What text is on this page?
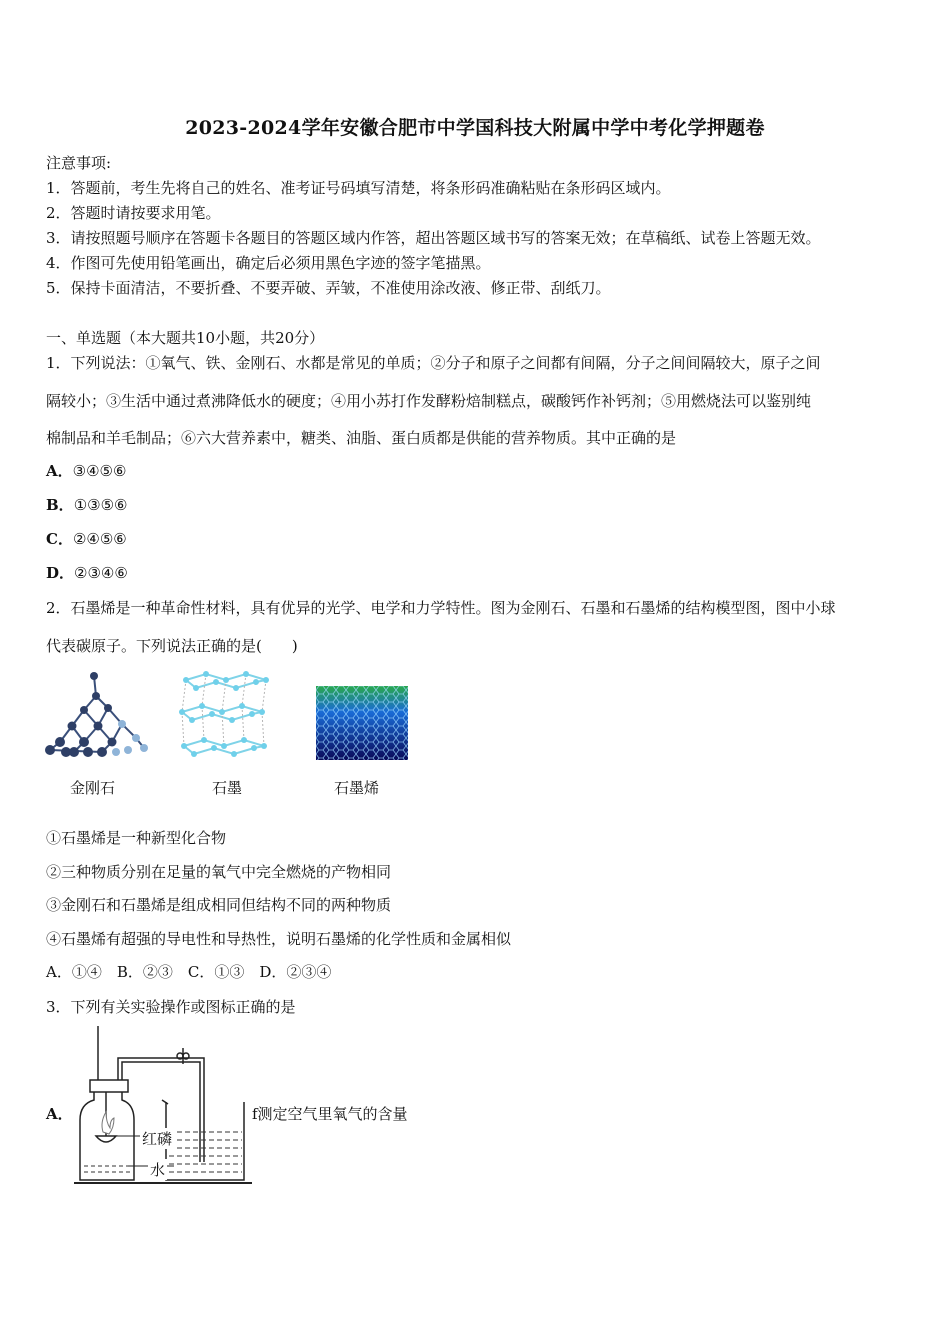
2023-2024学年安徽合肥市中学国科技大附属中学中考化学押题卷
注意事项:
1．答题前，考生先将自己的姓名、准考证号码填写清楚，将条形码准确粘贴在条形码区域内。
2．答题时请按要求用笔。
3．请按照题号顺序在答题卡各题目的答题区域内作答，超出答题区域书写的答案无效；在草稿纸、试卷上答题无效。
4．作图可先使用铅笔画出，确定后必须用黑色字迹的签字笔描黑。
5．保持卡面清洁，不要折叠、不要弄破、弄皱，不准使用涂改液、修正带、刮纸刀。
一、单选题（本大题共10小题，共20分）
1．下列说法：①氧气、铁、金刚石、水都是常见的单质；②分子和原子之间都有间隔，分子之间间隔较大，原子之间
隔较小；③生活中通过煮沸降低水的硬度；④用小苏打作发酵粉焙制糕点，碳酸钙作补钙剂；⑤用燃烧法可以鉴别纯
棉制品和羊毛制品；⑥六大营养素中，糖类、油脂、蛋白质都是供能的营养物质。其中正确的是
A．③④⑤⑥
B．①③⑤⑥
C．②④⑤⑥
D．②③④⑥
2．石墨烯是一种革命性材料，具有优异的光学、电学和力学特性。图为金刚石、石墨和石墨烯的结构模型图，图中小球
代表碳原子。下列说法正确的是(　　)
金刚石	石墨	石墨烯
①石墨烯是一种新型化合物
②三种物质分别在足量的氧气中完全燃烧的产物相同
③金刚石和石墨烯是组成相同但结构不同的两种物质
④石墨烯有超强的导电性和导热性，说明石墨烯的化学性质和金属相似
A．①④　B．②③　C．①③　D．②③④
3．下列有关实验操作或图标正确的是
A．
红磷
水
f测定空气里氧气的含量
